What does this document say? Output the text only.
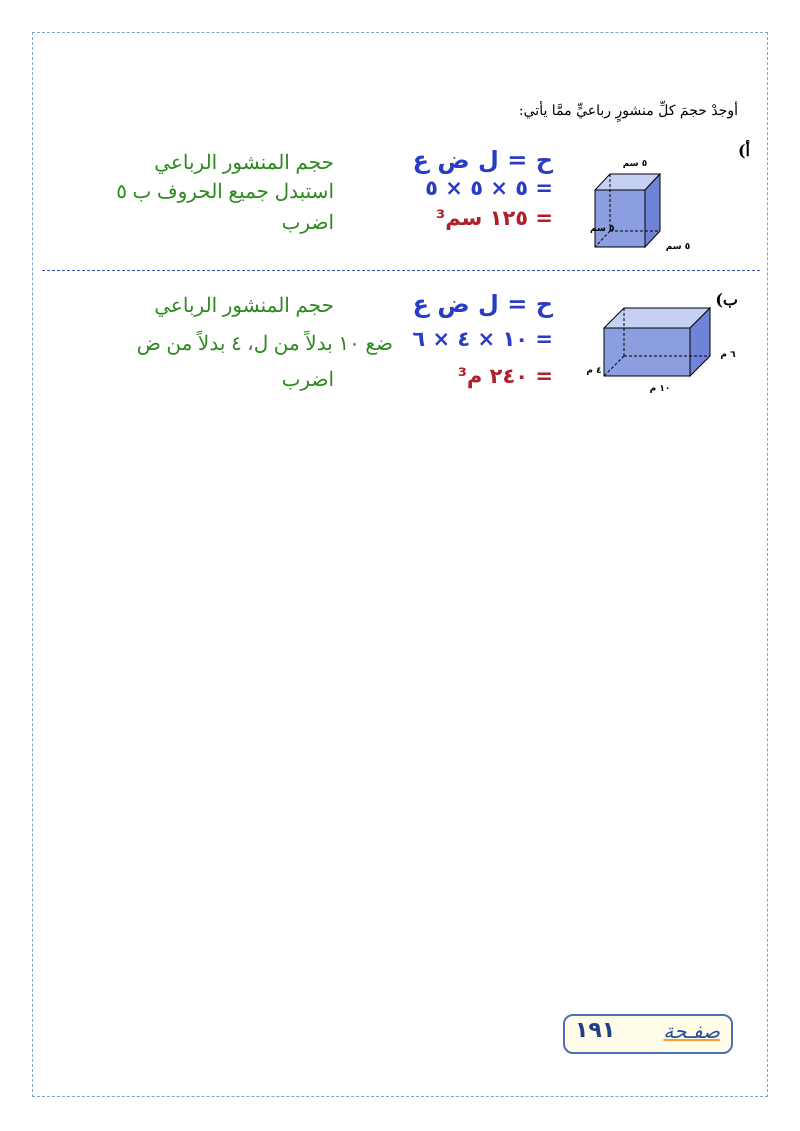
أوجدْ حجمَ كلِّ منشورٍ رباعيٍّ ممَّا يأتي:
أ)
٥ سم
٥ سم
٥ سم
ح = ل ض ع
= ٥ × ٥ × ٥
= ١٢٥ سم³
حجم المنشور الرباعي
استبدل جميع الحروف ب ٥
اضرب
ب)
٦ م
٤ م
١٠ م
ح = ل ض ع
= ١٠ × ٤ × ٦
= ٢٤٠ م³
حجم المنشور الرباعي
ضع ١٠ بدلاً من ل، ٤ بدلاً من ض
اضرب
١٩١ صفـحة
